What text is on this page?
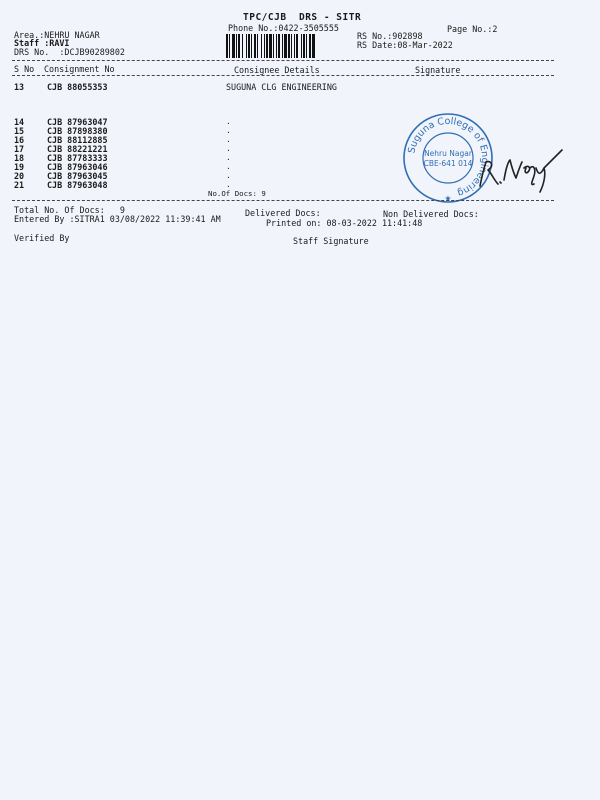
TPC/CJB  DRS - SITR
Phone No.:0422-3505555	Page No.:2
Area.:NEHRU NAGAR
Staff :RAVI
DRS No.  :DCJB90289802
RS No.:902898
RS Date:08-Mar-2022
S No Consignment No	Consignee Details	Signature
13	CJB 88055353	SUGUNA CLG ENGINEERING
14	CJB 87963047	.
15	CJB 87898380	.
16	CJB 88112885	.
17	CJB 88221221	.
18	CJB 87783333	.
19	CJB 87963046	.
20	CJB 87963045	.
21	CJB 87963048	.
No.Of Docs: 9
Suguna College of Engineering
Nehru Nagar
CBE-641 014
★
Total No. Of Docs:   9	Delivered Docs:	Non Delivered Docs:
Entered By :SITRA1 03/08/2022 11:39:41 AM	Printed on: 08-03-2022 11:41:48
Verified By	Staff Signature
